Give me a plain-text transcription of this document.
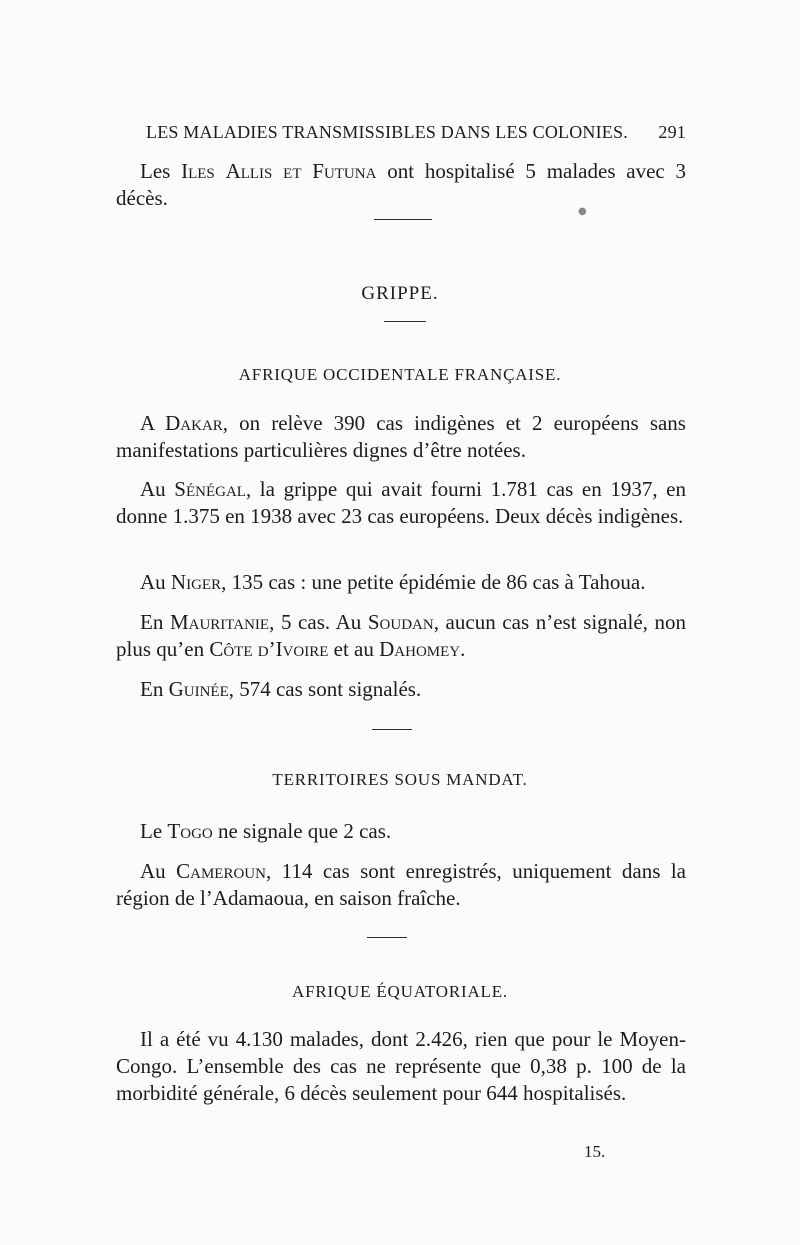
LES MALADIES TRANSMISSIBLES DANS LES COLONIES. 291
Les Iles Allis et Futuna ont hospitalisé 5 malades avec 3 décès.
●
GRIPPE.
AFRIQUE OCCIDENTALE FRANÇAISE.
A Dakar, on relève 390 cas indigènes et 2 européens sans manifestations particulières dignes d’être notées.
Au Sénégal, la grippe qui avait fourni 1.781 cas en 1937, en donne 1.375 en 1938 avec 23 cas européens. Deux décès indigènes.
Au Niger, 135 cas : une petite épidémie de 86 cas à Tahoua.
En Mauritanie, 5 cas. Au Soudan, aucun cas n’est signalé, non plus qu’en Côte d’Ivoire et au Dahomey.
En Guinée, 574 cas sont signalés.
TERRITOIRES SOUS MANDAT.
Le Togo ne signale que 2 cas.
Au Cameroun, 114 cas sont enregistrés, uniquement dans la région de l’Adamaoua, en saison fraîche.
AFRIQUE ÉQUATORIALE.
Il a été vu 4.130 malades, dont 2.426, rien que pour le Moyen-Congo. L’ensemble des cas ne représente que 0,38 p. 100 de la morbidité générale, 6 décès seulement pour 644 hospitalisés.
15.
